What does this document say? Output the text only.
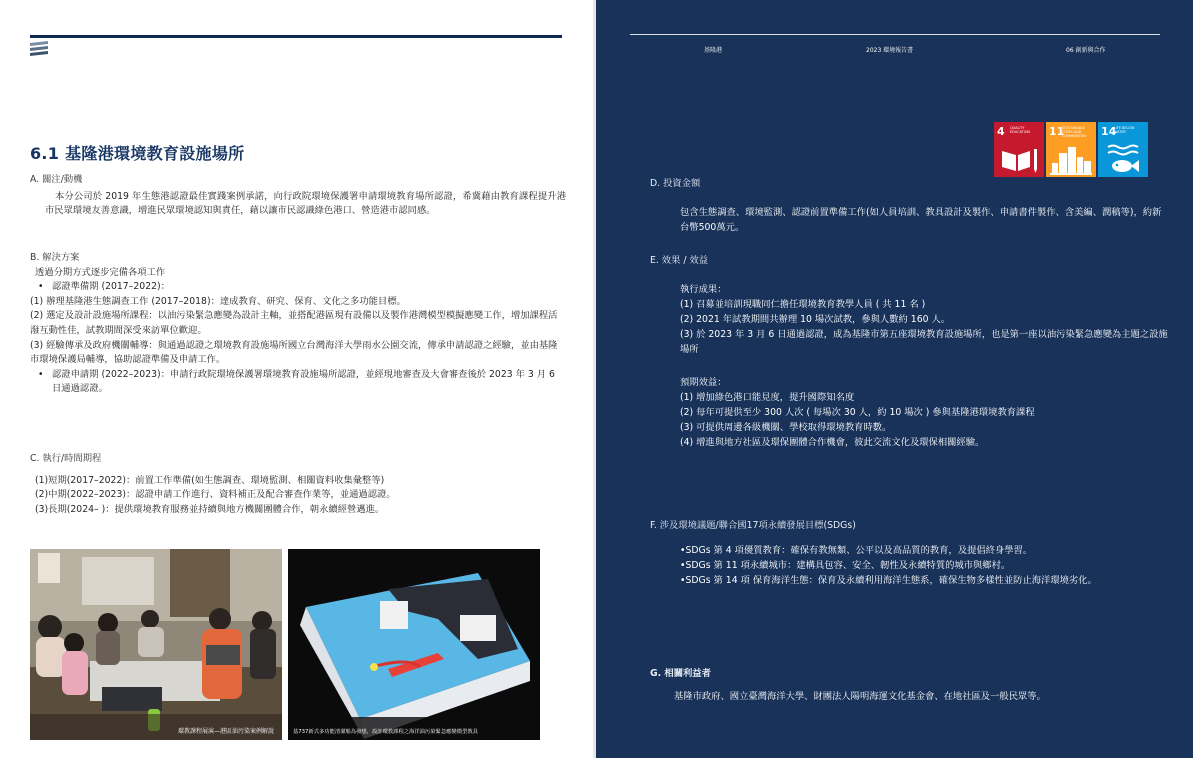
6.1 基隆港環境教育設施場所

A. 關注/動機

本分公司於 2019 年生態港認證最佳實踐案例承諾，向行政院環境保護署申請環境教育場所認證，希冀藉由教育課程提升港市民眾環境友善意識，增進民眾環境認知與責任，藉以讓市民認識綠色港口、營造港市認同感。

B. 解決方案

透過分期方式逐步完備各項工作

• 認證準備期 (2017–2022)：

(1) 辦理基隆港生態調查工作 (2017–2018)：達成教育、研究、保育、文化之多功能目標。

(2) 選定及設計設施場所課程：以油污染緊急應變為設計主軸，並搭配港區現有設備以及製作港灣模型模擬應變工作，增加課程活潑互動性佳，試教期間深受來訪單位歡迎。

(3) 經驗傳承及政府機關輔導：與通過認證之環境教育設施場所國立台灣海洋大學雨水公園交流，傳承申請認證之經驗，並由基隆市環境保護局輔導，協助認證準備及申請工作。

• 認證申請期 (2022–2023)：申請行政院環境保護署環境教育設施場所認證，並經現地審查及大會審查後於 2023 年 3 月 6 日通過認證。

C. 執行/時間期程

(1)短期(2017–2022)：前置工作準備(如生態調查、環境監測、相關資料收集彙整等)

(2)中期(2022–2023)：認證申請工作進行、資料補正及配合審查作業等，並通過認證。

(3)長期(2024– )：提供環境教育服務並持續與地方機關團體合作，朝永續經營邁進。

環教課程展演—港區油污染案例解說	基737新式多功能清潔船為發想，設計環教課程之海洋油污染緊急應變模型教具
基隆港	2023 環境報告書	06 創新與合作
4 QUALITY EDUCATION	11
SUSTAINABLE CITIES AND COMMUNITIES	14
LIFE BELOW WATER

D. 投資金額

包含生態調查、環境監測、認證前置準備工作(如人員培訓、教具設計及製作、申請書件製作、含美編、潤稿等)，約新台幣500萬元。

E. 效果 / 效益

執行成果：

(1) 召募並培訓現職同仁擔任環境教育教學人員 ( 共 11 名 )

(2) 2021 年試教期間共辦理 10 場次試教，參與人數約 160 人。

(3) 於 2023 年 3 月 6 日通過認證，成為基隆市第五座環境教育設施場所，也是第一座以油污染緊急應變為主題之設施場所

預期效益：

(1) 增加綠色港口能見度，提升國際知名度

(2) 每年可提供至少 300 人次 ( 每場次 30 人，約 10 場次 ) 參與基隆港環境教育課程

(3) 可提供周邊各級機關、學校取得環境教育時數。

(4) 增進與地方社區及環保團體合作機會，彼此交流文化及環保相關經驗。

F. 涉及環境議題/聯合國17項永續發展目標(SDGs)

•SDGs 第 4 項優質教育：確保有教無類、公平以及高品質的教育，及提倡終身學習。

•SDGs 第 11 項永續城市：建構具包容、安全、韌性及永續特質的城市與鄉村。

•SDGs 第 14 項 保育海洋生態：保育及永續利用海洋生態系，確保生物多樣性並防止海洋環境劣化。

G. 相關利益者

基隆市政府、國立臺灣海洋大學、財團法人陽明海運文化基金會、在地社區及一般民眾等。
